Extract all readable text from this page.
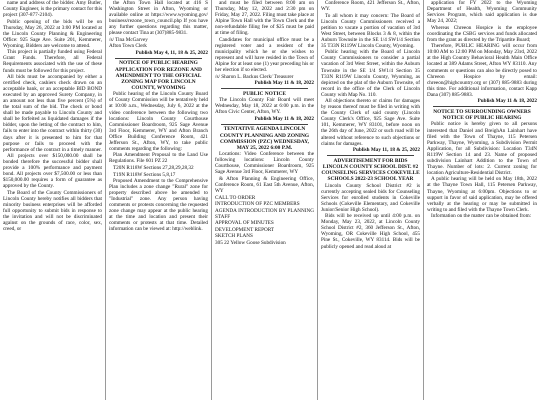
name and address of the bidder. Amy Butler, County Engineer, is the primary contact for this project (307-877-2104).

Public opening of the bids will be on Thursday, May 26, 2022 at 3:00 PM located at the Lincoln County Planning & Engineering Office: 925 Sage Ave. Suite 201, Kemmerer, Wyoming. Bidders are welcome to attend.

This project is partially funded using Federal Grant Funds. Therefore, all Federal Requirements associated with the use of these funds must be followed for this project.

All bids must be accompanied by either a certified check, cashiers check drawn on an acceptable bank, or an acceptable BID BOND executed by an approved Surety Company, in an amount not less than five percent (5%) of the total sum of the bid. The check or bond shall be made payable to Lincoln County and shall be forfeited as liquidated damages if the bidder, upon the letting of the contract to him, fails to enter into the contract within thirty (30) days after it is presented to him for that purpose or fails to proceed with the performance of the contract in a timely manner.

All projects over $150,000.00 shall be bonded therefore the successful bidder shall provide a 100% performance and payment bond. All projects over $7,500.00 or less than $150,000.00 requires a form of guarantee as approved by the County.

The Board of the County Commissioners of Lincoln County hereby notifies all bidders that minority business enterprises will be afforded full opportunity to submit bids in response to the invitation and will not be discriminated against on the grounds of race, color, sex, creed, or

the Afton Town Hall located at 416 S Washington Street in Afton, Wyoming or available online at https://www.wyoming.gov/ business/rezone_town_council.php If you have any further questions regarding this matter, please contact Tina at (307)885-9831.

/s/ Tina McGarvey

Afton Town Clerk

Publish May 4, 11, 18 & 25, 2022

NOTICE OF PUBLIC HEARING APPLICATION FOR REZONE AND AMENDMENT TO THE OFFICIAL ZONING MAP FOR LINCOLN COUNTY, WYOMING

Public hearing of the Lincoln County Board of County Commission will be tentatively held at 10:00 a.m., Wednesday, July 6, 2022 at the video conference between the following two locations: Lincoln County Courthouse Commissioner Boardroom, 925 Sage Avenue 3rd Floor, Kemmerer, WY and Afton Branch Office Building Conference Room, 421 Jefferson St., Afton, WY, to take public comments regarding the following:

Plan Amendment Proposal to the Land Use Regulations. File 601 PZ 22

T20N R118W Sections 27,28,29,28,32

T19N R118W Sections 5,8,17

Proposed Amendment to the Comprehensive Plan includes a zone change "Rural" zone for property described above be amended to "Industrial" zone. Any person having comments or protests concerning the requested zone change may appear at the public hearing at the time and location and present their comments or protests at that time. Detailed information can be viewed at: http://weblink.

and must be filed between 8:00 am on Thursday, May 12, 2022 and 2:30 pm on Friday, May 27, 2022. Filing must take place at Alpine Town Hall with the Town Clerk and the non-refundable filing fee of $25 must be paid at time of filing.

Candidates for municipal office must be a registered voter and a resident of the municipality which he or she wishes to represent and will have resided in the Town of Alpine for at least one (1) year preceding his or her election if so elected.

/s/ Sharon L. Backus Clerk/ Treasurer

Publish May 11 & 18, 2022

PUBLIC NOTICE

The Lincoln County Fair Board will meet Wednesday, May 18, 2022 at 6:00 p.m. in the Afton Civic Center, Afton, WY.

Publish May 11 & 18, 2022

TENTATIVE AGENDA LINCOLN COUNTY PLANNING AND ZONING COMMISSION (PZC) WEDNESDAY, MAY 25, 2022 6:00 P.M.

Locations: Video Conference between the following locations: Lincoln County Courthouse, Commissioner Boardroom, 925 Sage Avenue 3rd Floor, Kemmerer, WY

& Afton Planning & Engineering Office, Conference Room, 61 East 5th Avenue, Afton, WY

CALL TO ORDER

INTRODUCTION OF PZC MEMBERS

AGENDA INTRODUCTION BY PLANNING STAFF

APPROVAL OF MINUTES

DEVELOPMENT REPORT

SKETCH PLANS

305 22 Yellow Goose Subdivision

Conference Room, 421 Jefferson St., Afton, WY.

To all whom it may concern: The Board of Lincoln County Commissioners received a petition to vacate a portion of vacation of 3rd West Street, between Blocks 3 & 8, within the Auburn Townsite in the SE 1/4 SW1/4 Section 35 T33N R119W Lincoln County, Wyoming.

Public hearing with the Board of Lincoln County Commissioners to consider a partial vacation of 3rd West Street, within the Auburn Townsite in the SE 1/4 SW1/4 Section 35 T33N R119W Lincoln County, Wyoming, as depicted on the plat of the Auburn Townsite, of record in the office of the Clerk of Lincoln County with Map No. 110.

All objections thereto or claims for damages by reason thereof must be filed in writing with the County Clerk of said county (Lincoln County Clerk's Office, 925 Sage Ave. Suite 101, Kemmerer, WY 83101, before noon on the 26th day of June, 2022 or such road will be altered without reference to such objections or claims for damages.

Publish May 11, 18 & 25, 2022

ADVERTISEMENT FOR BIDS LINCOLN COUNTY SCHOOL DIST. #2 COUNSELING SERVICES COKEVILLE SCHOOLS 2022-23 SCHOOL YEAR

Lincoln County School District #2 is currently accepting sealed bids for Counseling Services for enrolled students in Cokeville Schools (Cokeville Elementary, and Cokeville Junior/Senior High School).

Bids will be received up until 4:00 p.m. on Monday, May 23, 2022, at Lincoln County School District #2, 360 Jefferson St., Afton, Wyoming, OR Cokeville High School, 455 Pine St., Cokeville, WY 83114. Bids will be publicly opened and read aloud at

application for FY 2022 to the Wyoming Department of Health, Wyoming Community Services Program, which said application is due May 24, 2022;

Whereas Chreeon Hospice is the employee coordinating the CSBG services and funds allocated from the grant as directed by the Tripartite Board;

Therefore, PUBLIC HEARING will occur from 10:00 AM to 12:00 PM on Monday, May 23rd, 2022 at the High Country Behavioral Health Main Office located at 389 Adams Street, Afton WY 83110. Any comments or questions can also be directly posed to Chreeon Hospice by email: chreeon@highcountry.org or (307) 885-9883 during this time. For additional information, contact Kapp Dana (307) 885-9883.

Publish May 11 & 18, 2022

NOTICE TO SURROUNDING OWNERS NOTICE OF PUBLIC HEARING

Public notice is hereby given to all persons interested that Daniel and BreighAn Lainhart have filed with the Town of Thayne, 115 Petersen Parkway, Thayne, Wyoming, a Subdivision Permit Application, for all Subdivision: Location T34N R119W Section 14 and 23. Name of proposed subdivision Lainhart Addition to the Town of Thayne. Number of lots: 2. Current zoning for location Agriculture-Residential District.

A public hearing will be held on May 18th, 2022 at the Thayne Town Hall, 115 Petersen Parkway, Thayne, Wyoming at 6:00pm. Objections to or support in favor of said application, may be offered verbally at the hearing or may be submitted in writing to and filed with the Thayne Town Clerk.

Information on the matter can be obtained from:
